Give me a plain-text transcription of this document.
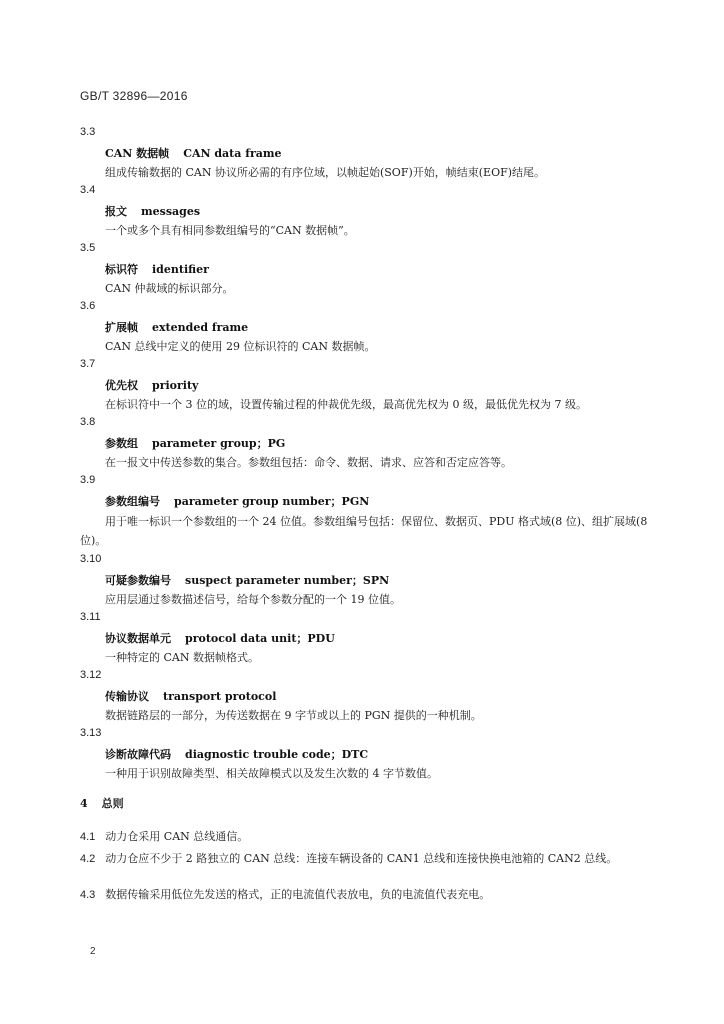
GB/T 32896—2016
3.3
CAN 数据帧 CAN data frame
组成传输数据的 CAN 协议所必需的有序位域，以帧起始(SOF)开始，帧结束(EOF)结尾。
3.4
报文 messages
一个或多个具有相同参数组编号的“CAN 数据帧”。
3.5
标识符 identifier
CAN 仲裁域的标识部分。
3.6
扩展帧 extended frame
CAN 总线中定义的使用 29 位标识符的 CAN 数据帧。
3.7
优先权 priority
在标识符中一个 3 位的域，设置传输过程的仲裁优先级，最高优先权为 0 级，最低优先权为 7 级。
3.8
参数组 parameter group；PG
在一报文中传送参数的集合。参数组包括：命令、数据、请求、应答和否定应答等。
3.9
参数组编号 parameter group number；PGN
用于唯一标识一个参数组的一个 24 位值。参数组编号包括：保留位、数据页、PDU 格式域(8 位)、组扩展域(8 位)。
3.10
可疑参数编号 suspect parameter number；SPN
应用层通过参数描述信号，给每个参数分配的一个 19 位值。
3.11
协议数据单元 protocol data unit；PDU
一种特定的 CAN 数据帧格式。
3.12
传输协议 transport protocol
数据链路层的一部分，为传送数据在 9 字节或以上的 PGN 提供的一种机制。
3.13
诊断故障代码 diagnostic trouble code；DTC
一种用于识别故障类型、相关故障模式以及发生次数的 4 字节数值。
4 总则
4.1 动力仓采用 CAN 总线通信。
4.2 动力仓应不少于 2 路独立的 CAN 总线：连接车辆设备的 CAN1 总线和连接快换电池箱的 CAN2 总线。
4.3 数据传输采用低位先发送的格式，正的电流值代表放电，负的电流值代表充电。
2
